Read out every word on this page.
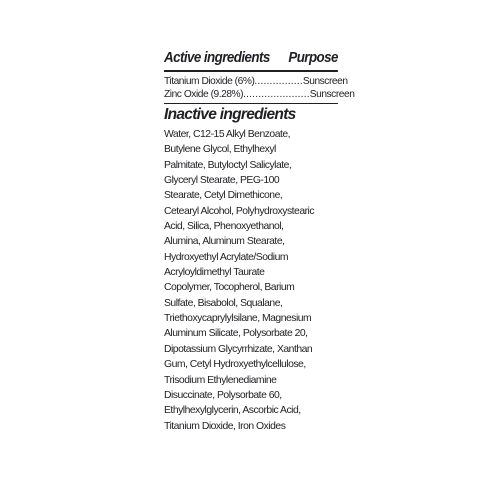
Active ingredients Purpose
Titanium Dioxide (6%) ................ Sunscreen
Zinc Oxide (9.28%) ...................... Sunscreen
Inactive ingredients
Water, C12-15 Alkyl Benzoate,
Butylene Glycol, Ethylhexyl
Palmitate, Butyloctyl Salicylate,
Glyceryl Stearate, PEG-100
Stearate, Cetyl Dimethicone,
Cetearyl Alcohol, Polyhydroxystearic
Acid, Silica, Phenoxyethanol,
Alumina, Aluminum Stearate,
Hydroxyethyl Acrylate/Sodium
Acryloyldimethyl Taurate
Copolymer, Tocopherol, Barium
Sulfate, Bisabolol, Squalane,
Triethoxycaprylylsilane, Magnesium
Aluminum Silicate, Polysorbate 20,
Dipotassium Glycyrrhizate, Xanthan
Gum, Cetyl Hydroxyethylcellulose,
Trisodium Ethylenediamine
Disuccinate, Polysorbate 60,
Ethylhexylglycerin, Ascorbic Acid,
Titanium Dioxide, Iron Oxides
